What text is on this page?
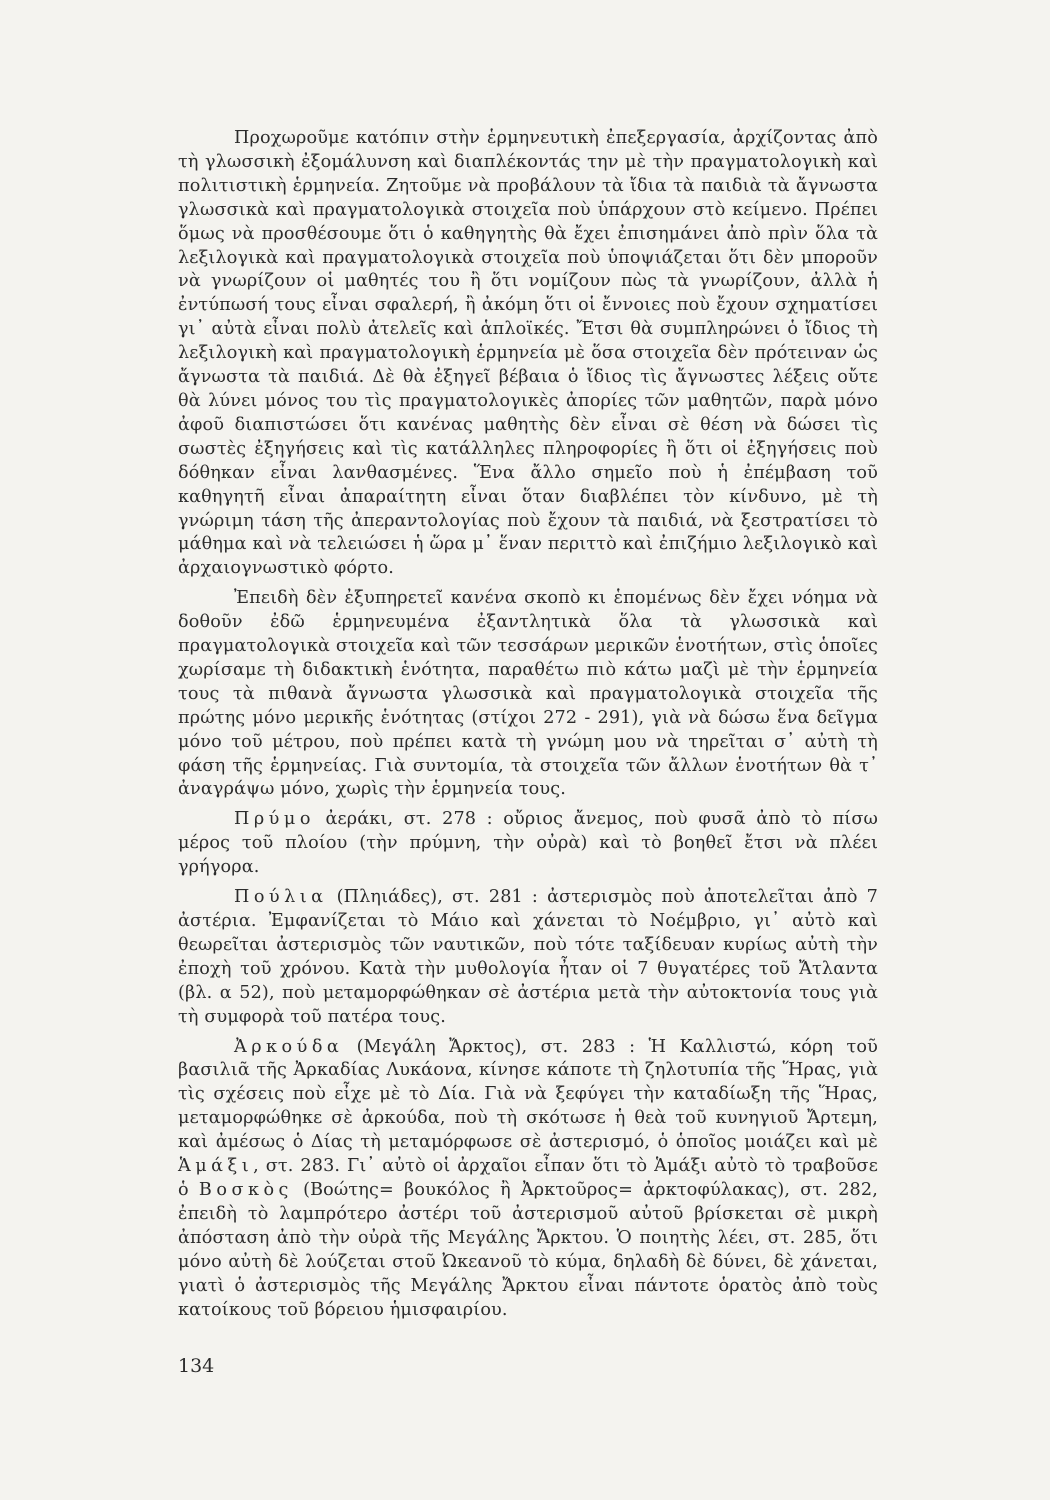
Προχωροῦμε κατόπιν στὴν ἑρμηνευτικὴ ἐπεξεργασία, ἀρχίζοντας ἀπὸ τὴ γλωσσικὴ ἐξομάλυνση καὶ διαπλέκοντάς την μὲ τὴν πραγματολογικὴ καὶ πολιτιστικὴ ἑρμηνεία. Ζητοῦμε νὰ προβάλουν τὰ ἴδια τὰ παιδιὰ τὰ ἄγνωστα γλωσσικὰ καὶ πραγματολογικὰ στοιχεῖα ποὺ ὑπάρχουν στὸ κείμενο. Πρέπει ὅμως νὰ προσθέσουμε ὅτι ὁ καθηγητὴς θὰ ἔχει ἐπισημάνει ἀπὸ πρὶν ὅλα τὰ λεξιλογικὰ καὶ πραγματολογικὰ στοιχεῖα ποὺ ὑποψιάζεται ὅτι δὲν μποροῦν νὰ γνωρίζουν οἱ μαθητές του ἢ ὅτι νομίζουν πὼς τὰ γνωρίζουν, ἀλλὰ ἡ ἐντύπωσή τους εἶναι σφαλερή, ἢ ἀκόμη ὅτι οἱ ἔννοιες ποὺ ἔχουν σχηματίσει γι᾽ αὐτὰ εἶναι πολὺ ἀτελεῖς καὶ ἁπλοϊκές. Ἔτσι θὰ συμπληρώνει ὁ ἴδιος τὴ λεξιλογικὴ καὶ πραγματολογικὴ ἑρμηνεία μὲ ὅσα στοιχεῖα δὲν πρότειναν ὡς ἄγνωστα τὰ παιδιά. Δὲ θὰ ἐξηγεῖ βέβαια ὁ ἴδιος τὶς ἄγνωστες λέξεις οὔτε θὰ λύνει μόνος του τὶς πραγματολογικὲς ἀπορίες τῶν μαθητῶν, παρὰ μόνο ἀφοῦ διαπιστώσει ὅτι κανένας μαθητὴς δὲν εἶναι σὲ θέση νὰ δώσει τὶς σωστὲς ἐξηγήσεις καὶ τὶς κατάλληλες πληροφορίες ἢ ὅτι οἱ ἐξηγήσεις ποὺ δόθηκαν εἶναι λανθασμένες. Ἕνα ἄλλο σημεῖο ποὺ ἡ ἐπέμβαση τοῦ καθηγητῆ εἶναι ἀπαραίτητη εἶναι ὅταν διαβλέπει τὸν κίνδυνο, μὲ τὴ γνώριμη τάση τῆς ἀπεραντολογίας ποὺ ἔχουν τὰ παιδιά, νὰ ξεστρατίσει τὸ μάθημα καὶ νὰ τελειώσει ἡ ὥρα μ᾽ ἕναν περιττὸ καὶ ἐπιζήμιο λεξιλογικὸ καὶ ἀρχαιογνωστικὸ φόρτο.

Ἐπειδὴ δὲν ἐξυπηρετεῖ κανένα σκοπὸ κι ἑπομένως δὲν ἔχει νόημα νὰ δοθοῦν ἐδῶ ἑρμηνευμένα ἐξαντλητικὰ ὅλα τὰ γλωσσικὰ καὶ πραγματολογικὰ στοιχεῖα καὶ τῶν τεσσάρων μερικῶν ἑνοτήτων, στὶς ὁποῖες χωρίσαμε τὴ διδακτικὴ ἑνότητα, παραθέτω πιὸ κάτω μαζὶ μὲ τὴν ἑρμηνεία τους τὰ πιθανὰ ἄγνωστα γλωσσικὰ καὶ πραγματολογικὰ στοιχεῖα τῆς πρώτης μόνο μερικῆς ἑνότητας (στίχοι 272 - 291), γιὰ νὰ δώσω ἕνα δεῖγμα μόνο τοῦ μέτρου, ποὺ πρέπει κατὰ τὴ γνώμη μου νὰ τηρεῖται σ᾽ αὐτὴ τὴ φάση τῆς ἑρμηνείας. Γιὰ συντομία, τὰ στοιχεῖα τῶν ἄλλων ἑνοτήτων θὰ τ᾽ ἀναγράψω μόνο, χωρὶς τὴν ἑρμηνεία τους.

Πρύμο ἀεράκι, στ. 278 : οὔριος ἄνεμος, ποὺ φυσᾶ ἀπὸ τὸ πίσω μέρος τοῦ πλοίου (τὴν πρύμνη, τὴν οὐρὰ) καὶ τὸ βοηθεῖ ἔτσι νὰ πλέει γρήγορα.

Πούλια (Πληιάδες), στ. 281 : ἀστερισμὸς ποὺ ἀποτελεῖται ἀπὸ 7 ἀστέρια. Ἐμφανίζεται τὸ Μάιο καὶ χάνεται τὸ Νοέμβριο, γι᾽ αὐτὸ καὶ θεωρεῖται ἀστερισμὸς τῶν ναυτικῶν, ποὺ τότε ταξίδευαν κυρίως αὐτὴ τὴν ἐποχὴ τοῦ χρόνου. Κατὰ τὴν μυθολογία ἦταν οἱ 7 θυγατέρες τοῦ Ἄτλαντα (βλ. α 52), ποὺ μεταμορφώθηκαν σὲ ἀστέρια μετὰ τὴν αὐτοκτονία τους γιὰ τὴ συμφορὰ τοῦ πατέρα τους.

Ἀρκούδα (Μεγάλη Ἄρκτος), στ. 283 : Ἡ Καλλιστώ, κόρη τοῦ βασιλιᾶ τῆς Ἀρκαδίας Λυκάονα, κίνησε κάποτε τὴ ζηλοτυπία τῆς Ἥρας, γιὰ τὶς σχέσεις ποὺ εἶχε μὲ τὸ Δία. Γιὰ νὰ ξεφύγει τὴν καταδίωξη τῆς Ἥρας, μεταμορφώθηκε σὲ ἀρκούδα, ποὺ τὴ σκότωσε ἡ θεὰ τοῦ κυνηγιοῦ Ἄρτεμη, καὶ ἀμέσως ὁ Δίας τὴ μεταμόρφωσε σὲ ἀστερισμό, ὁ ὁποῖος μοιάζει καὶ μὲ Ἁμάξι, στ. 283. Γι᾽ αὐτὸ οἱ ἀρχαῖοι εἶπαν ὅτι τὸ Ἁμάξι αὐτὸ τὸ τραβοῦσε ὁ Βοσκὸς (Βοώτης= βουκόλος ἢ Ἀρκτοῦρος= ἀρκτοφύλακας), στ. 282, ἐπειδὴ τὸ λαμπρότερο ἀστέρι τοῦ ἀστερισμοῦ αὐτοῦ βρίσκεται σὲ μικρὴ ἀπόσταση ἀπὸ τὴν οὐρὰ τῆς Μεγάλης Ἄρκτου. Ὁ ποιητὴς λέει, στ. 285, ὅτι μόνο αὐτὴ δὲ λούζεται στοῦ Ὠκεανοῦ τὸ κύμα, δηλαδὴ δὲ δύνει, δὲ χάνεται, γιατὶ ὁ ἀστερισμὸς τῆς Μεγάλης Ἄρκτου εἶναι πάντοτε ὁρατὸς ἀπὸ τοὺς κατοίκους τοῦ βόρειου ἡμισφαιρίου.

134
